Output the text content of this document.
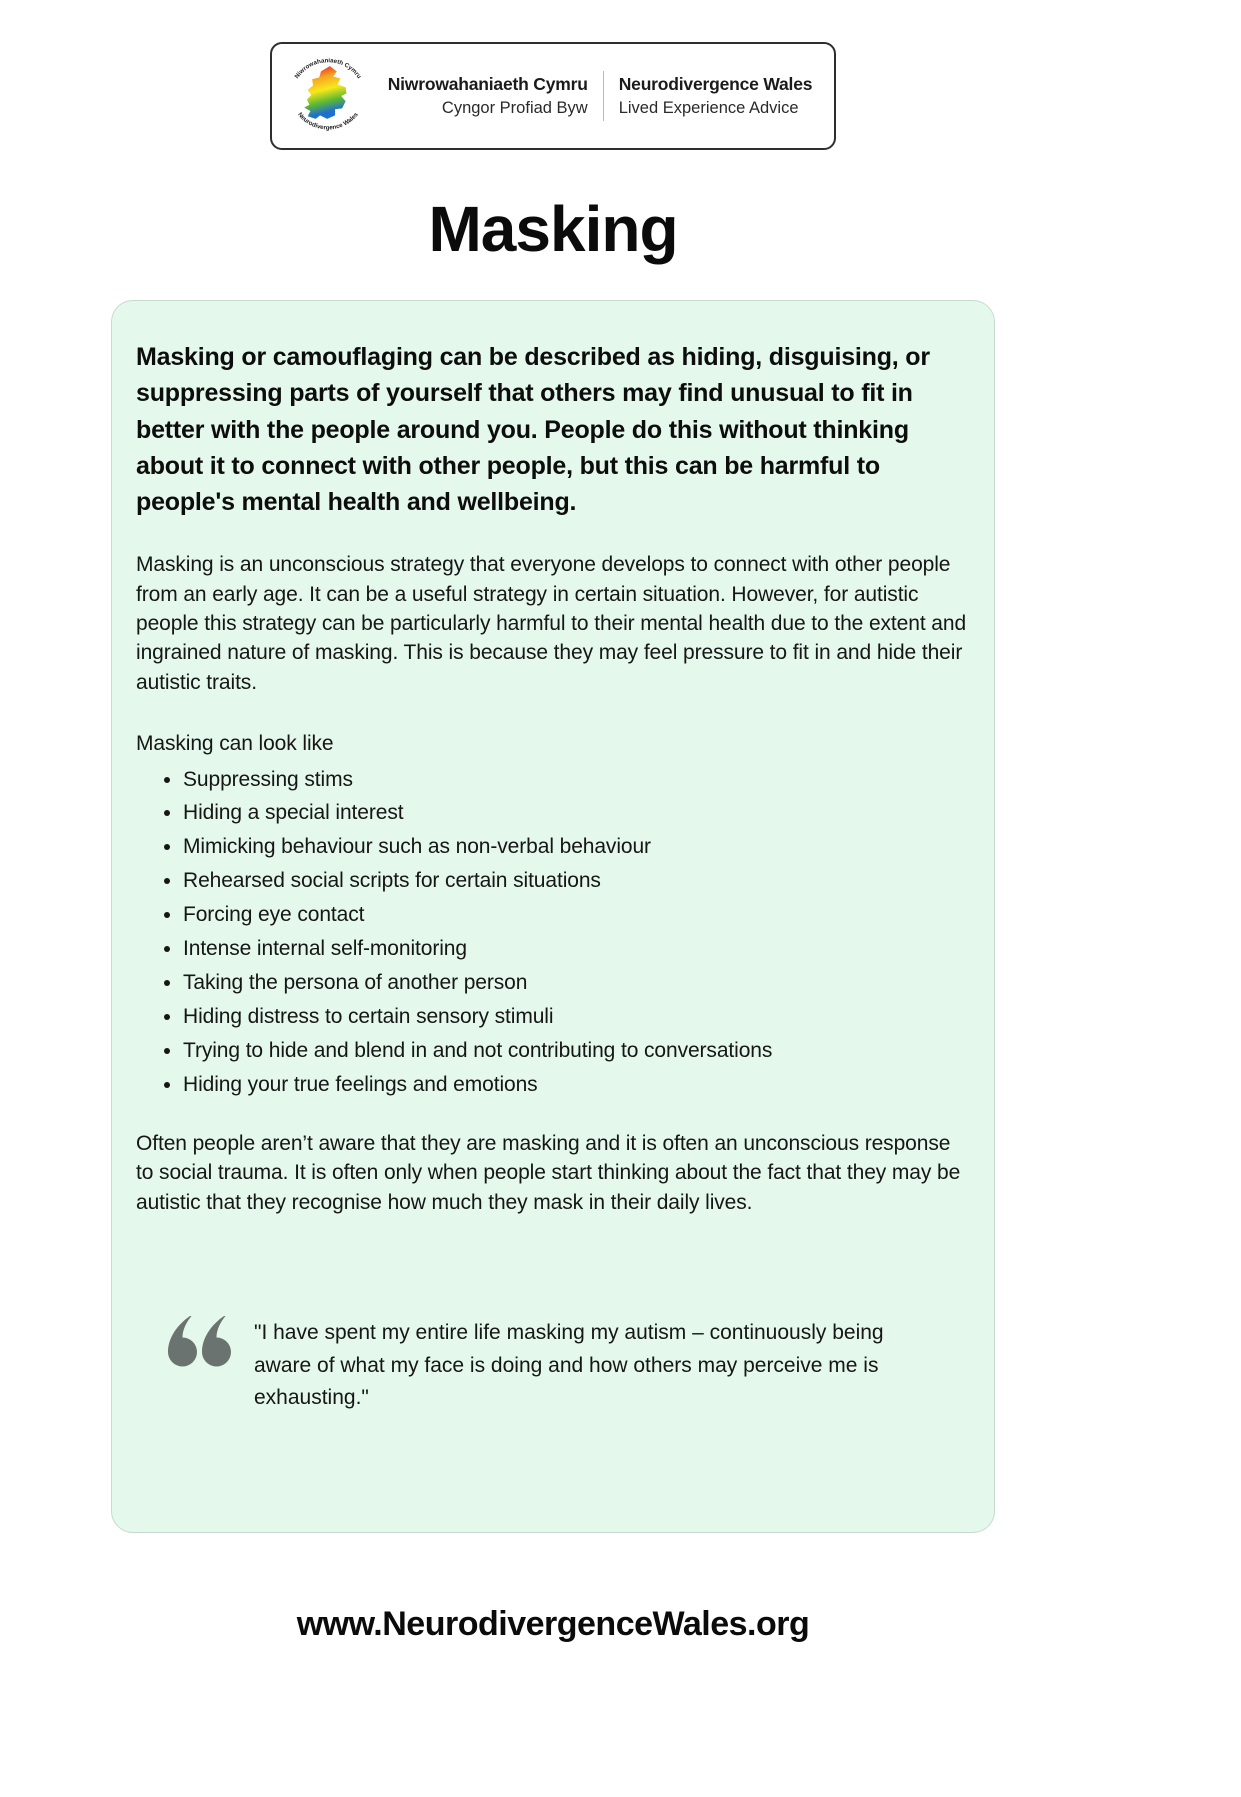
Niwrowahaniaeth Cymru
Neurodivergence Wales
Niwrowahaniaeth Cymru
Cyngor Profiad Byw
Neurodivergence Wales
Lived Experience Advice
Masking

Masking or camouflaging can be described as hiding, disguising, or suppressing parts of yourself that others may find unusual to fit in better with the people around you. People do this without thinking about it to connect with other people, but this can be harmful to people's mental health and wellbeing.

Masking is an unconscious strategy that everyone develops to connect with other people from an early age. It can be a useful strategy in certain situation. However, for autistic people this strategy can be particularly harmful to their mental health due to the extent and ingrained nature of masking. This is because they may feel pressure to fit in and hide their autistic traits.

Masking can look like

• Suppressing stims
• Hiding a special interest
• Mimicking behaviour such as non-verbal behaviour
• Rehearsed social scripts for certain situations
• Forcing eye contact
• Intense internal self-monitoring
• Taking the persona of another person
• Hiding distress to certain sensory stimuli
• Trying to hide and blend in and not contributing to conversations
• Hiding your true feelings and emotions

Often people aren’t aware that they are masking and it is often an unconscious response to social trauma. It is often only when people start thinking about the fact that they may be autistic that they recognise how much they mask in their daily lives.

"I have spent my entire life masking my autism – continuously being aware of what my face is doing and how others may perceive me is exhausting."

www.NeurodivergenceWales.org
